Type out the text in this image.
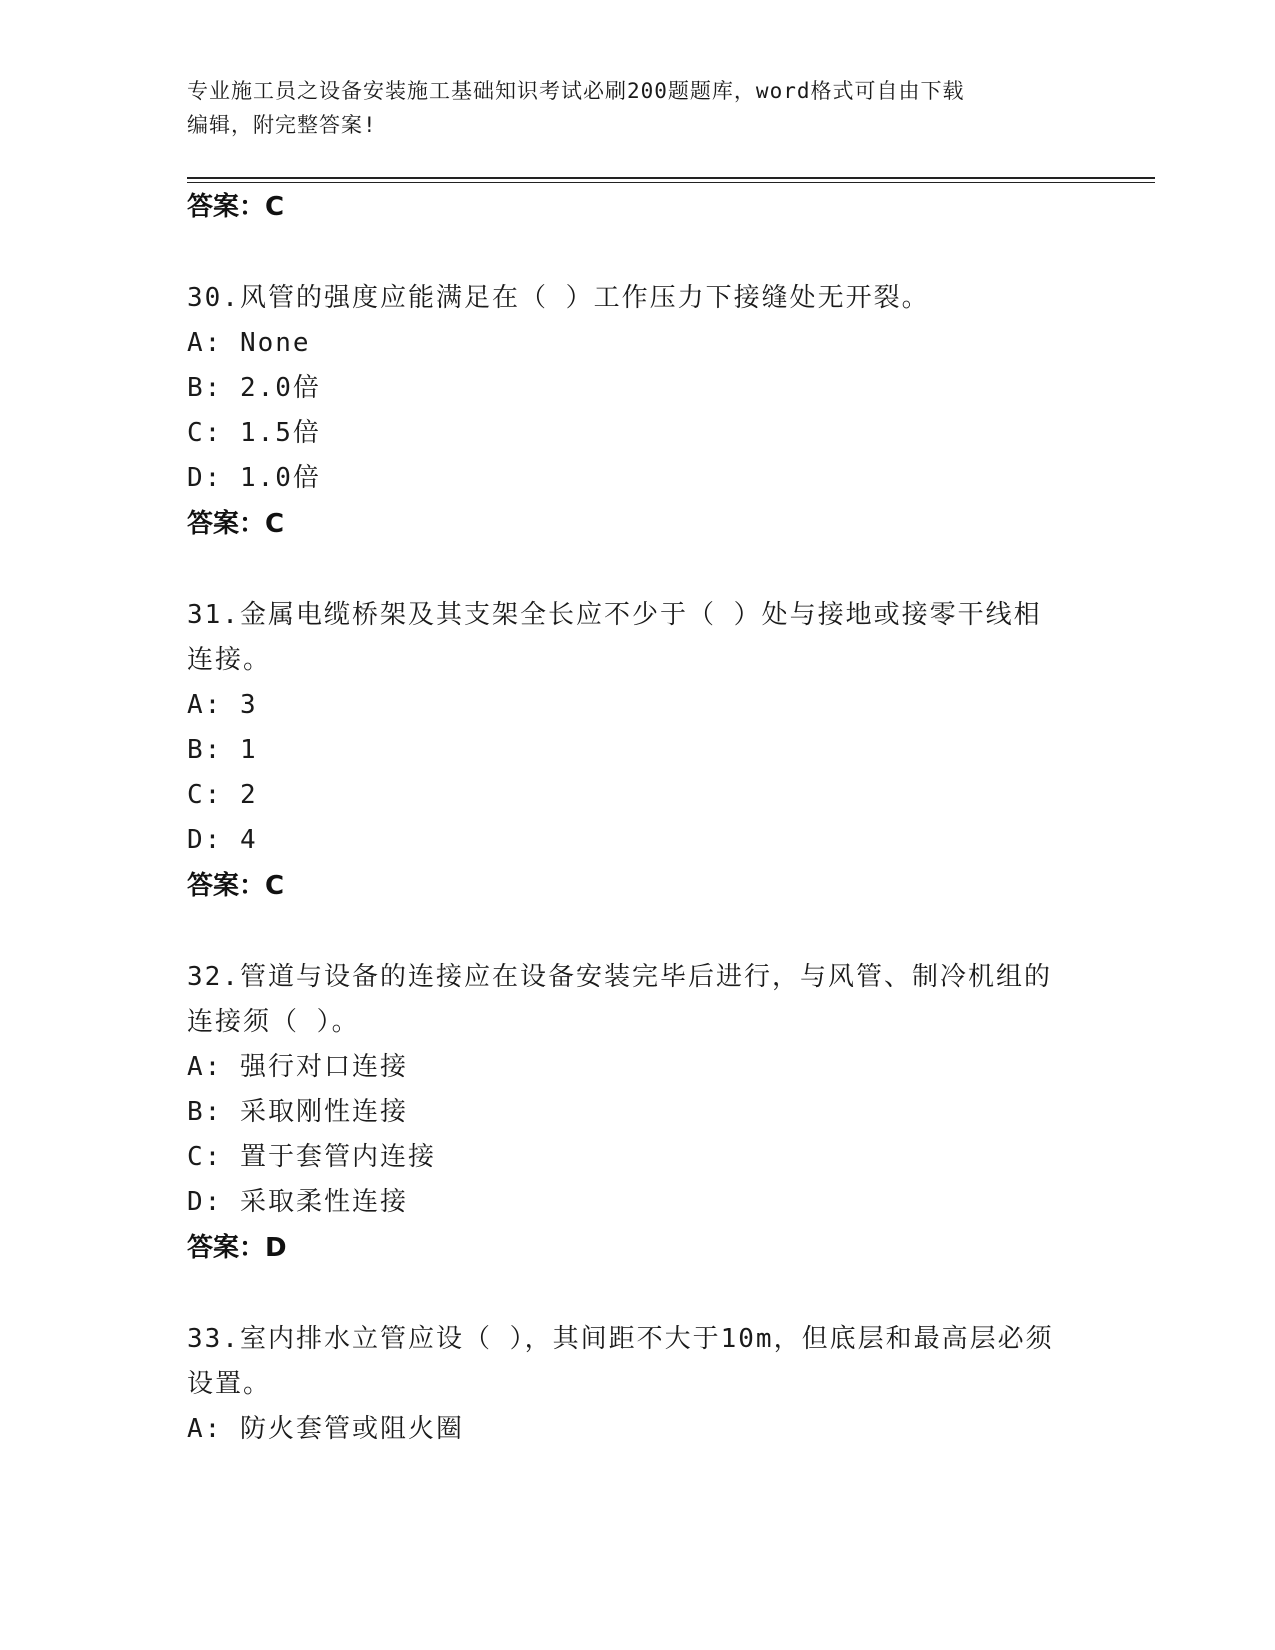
专业施工员之设备安装施工基础知识考试必刷200题题库，word格式可自由下载
编辑，附完整答案!
答案：C
30.风管的强度应能满足在（ ）工作压力下接缝处无开裂。
A: None
B: 2.0倍
C: 1.5倍
D: 1.0倍
答案：C
31.金属电缆桥架及其支架全长应不少于（ ）处与接地或接零干线相
连接。
A: 3
B: 1
C: 2
D: 4
答案：C
32.管道与设备的连接应在设备安装完毕后进行，与风管、制冷机组的
连接须（ ）。
A: 强行对口连接
B: 采取刚性连接
C: 置于套管内连接
D: 采取柔性连接
答案：D
33.室内排水立管应设（ ），其间距不大于10m，但底层和最高层必须
设置。
A: 防火套管或阻火圈
